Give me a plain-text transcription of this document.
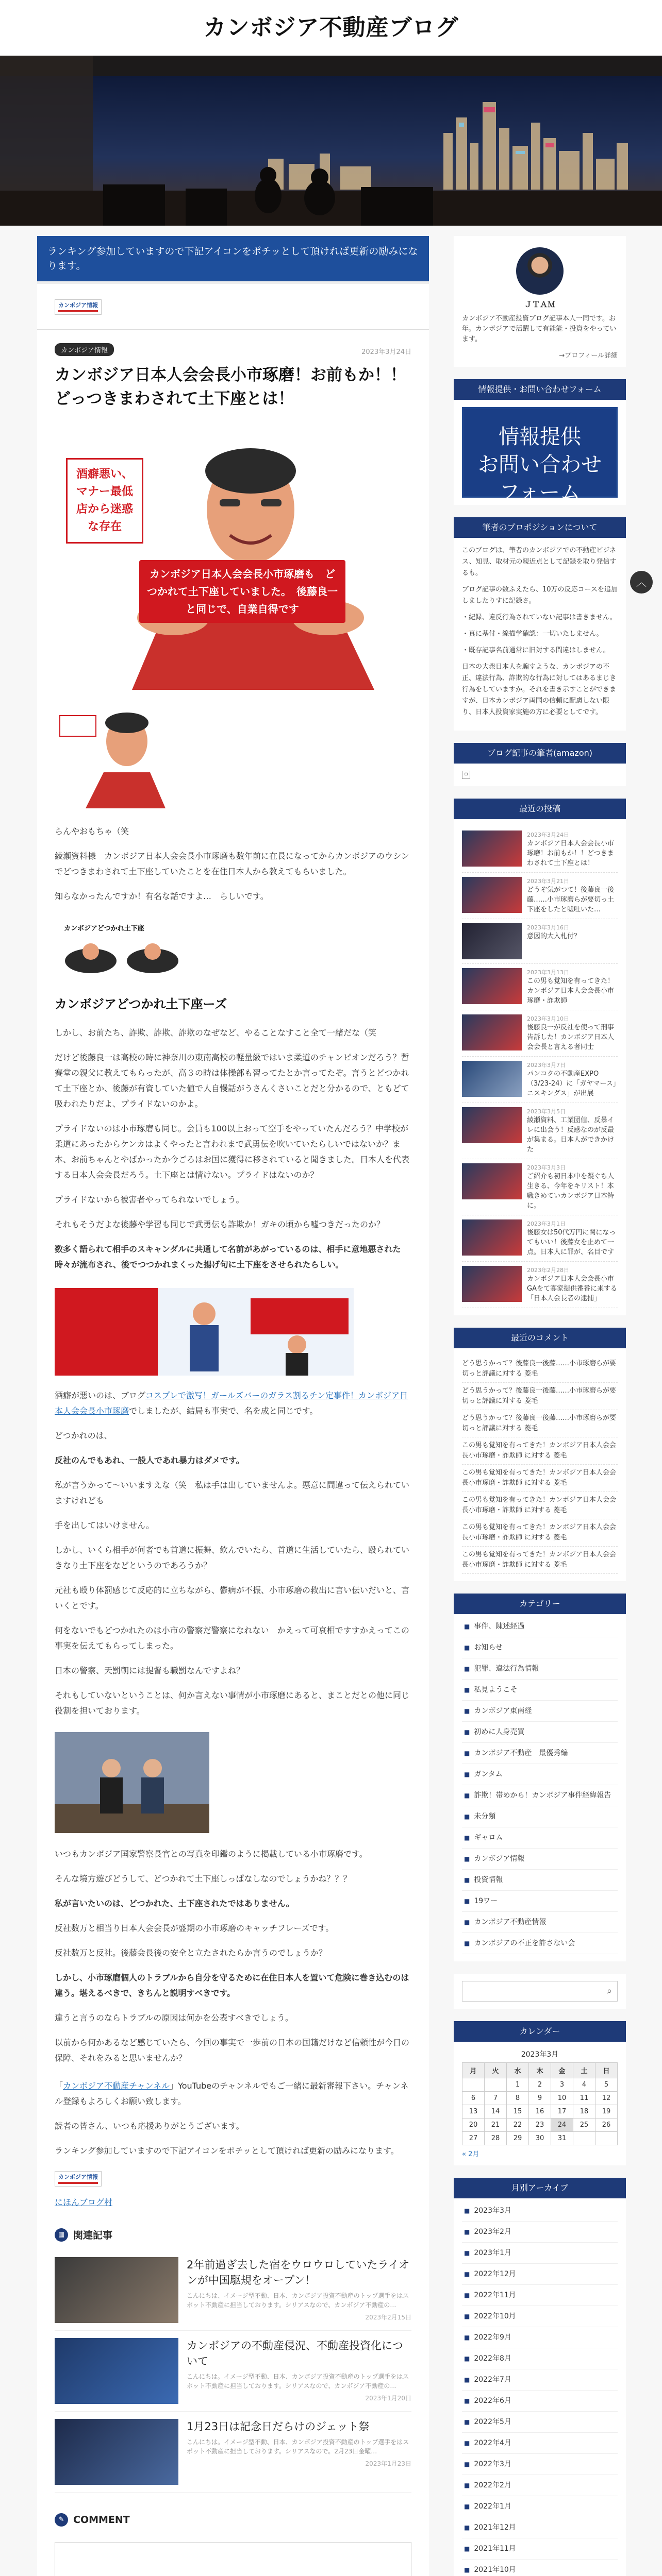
カンボジア不動産ブログ
ランキング参加していますので下記アイコンをポチッとして頂ければ更新の励みになります。
カンボジア情報
カンボジア情報	2023年3月24日
カンボジア日本人会会長小市琢磨！お前もか！！どっつきまわされて土下座とは！
酒癖悪い、マナー最低　店から迷惑な存在
カンボジア日本人会会長小市琢磨も　どつかれて土下座していました。　後藤良一と同じで、自業自得です

らんやおもちゃ（笑

綾瀬資料様　カンボジア日本人会会長小市琢磨も数年前に在長になってからカンボジアのウシンでどつきまわされて土下座していたことを在住日本人から教えてもらいました。

知らなかったんですか！有名な話ですよ…　らしいです。

カンボジアどつかれ土下座
カンボジアどつかれ土下座ーズ

しかし、お前たち、詐欺、詐欺、詐欺のなぜなど、やることなすこと全て一緒だな（笑

だけど後藤良一は高校の時に神奈川の東南高校の軽量級ではいま柔道のチャンピオンだろう？暫賽堂の親父に教えてもらったが、高３の時は体操部も習ってたとか言ってたぞ。言うとどつかれて土下座とか、後藤が有資していた値で人自慢話がうさんくさいことだと分かるので、ともどて吸われたりだよ、プライドないのかよ。

プライドないのは小市琢磨も同じ。会員も100以上おって空手をやっていたんだろう？中学校が柔道にあったからケンカはよくやったと言われまで武勇伝を吹いていたらしいではないか？ま本、お前ちゃんとやばかったか今ごろはお国に獲得に移されていると聞きました。日本人を代表する日本人会会長だろう。土下座とは情けない。プライドはないのか？

プライドないから被害者やってられないでしょう。

それもそうだよな後藤や学習も同じで武勇伝も詐欺か！ガキの頃から嘘つきだったのか？

数多く語られて相手のスキャンダルに共通して名前があがっているのは、相手に意地悪された時々が流布され、後でつつかれまくった揚げ句に土下座をさせられたらしい。

酒癖が悪いのは、ブログコスプレで激写！ガールズバーのガラス割るチン定事件！カンボジア日本人会会長小市琢磨でしましたが、結局も事実で、名を成と同じです。

どつかれのは、

反社のんでもあれ、一般人であれ暴力はダメです。

私が言うかって〜いいますえな（笑　私は手は出していませんよ。悪意に間違って伝えられていますけれども

手を出してはいけません。

しかし、いくら相手が何者でも首道に振舞、飲んでいたら、首道に生活していたら、殴られていきなり土下座をなどというのであろうか？

元社も殴り体罰感じて反応的に立ちながら、鬱病が不振、小市琢磨の救出に言い伝いだいと、言いくとです。

何をないでもどつかれたのは小市の警察だ警察になれない　かえって可哀相ですすかえってこの事実を伝えてもらってしまった。

日本の警察、天罰朝には提督も職罰なんですよね？

それもしていないということは、何か言えない事情が小市琢磨にあると、まことだとの他に同じ役割を担いております。

いつもカンボジア国家警察長官との写真を印鑑のように掲載している小市琢磨です。

そんな境方遊びどうして、どつかれて土下座しっぱなしなのでしょうかね？？？

私が言いたいのは、どつかれた、土下座されたではありません。

反社数万と相当り日本人会会長が盛期の小市琢磨のキャッチフレーズです。

反社数万と反社。後藤会長後の安全と立たされたらか言うのでしょうか？

しかし、小市琢磨個人のトラブルから自分を守るために在住日本人を置いて危険に巻き込むのは違う。堪えるべきで、きちんと説明すべきです。

違うと言うのならトラブルの原因は何かを公表すべきでしょう。

以前から何かあるなど感じていたら、今回の事実で一歩前の日本の国籍だけなど信頼性が今日の保障、それをみると思いませんか？

「カンボジア不動産チャンネル」YouTubeのチャンネルでもご一緒に最新審報下さい。チャンネル登録もよろしくお願い致します。

読者の皆さん、いつも応援ありがとうございます。

ランキング参加していますので下記アイコンをポチッとして頂ければ更新の励みになります。

カンボジア情報

にほんブログ村

▦ 関連記事
2年前過ぎ去した宿をウロウロしていたライオンが中国駆規をオープン！
こんにちは、イメージ型不動、日本、カンボジア投資不動産のトップ選手をはスポット不動産に担当しております。シリアスなので、カンボジア不動産の…
2023年2月15日
カンボジアの不動産侵況、不動産投資化について
こんにちは。イメージ型不動、日本、カンボジア投資不動産のトップ選手をはスポット不動産に担当しております。シリアスなので、カンボジア不動産の…
2023年1月20日
1月23日は記念日だらけのジェット祭
こんにちは。イメージ型不動、日本、カンボジア投資不動産のトップ選手をはスポット不動産に担当しております。シリアスなので。2月23日金曜…
2023年1月23日
✎ COMMENT
ＪＴＡＭ
カンボジア不動産投資ブログ記事本人一同です。お年。カンボジアで活躍して有能能・投資をやっています。
→プロフィール詳細
情報提供・お問い合わせフォーム
情報提供
お問い合わせ
フォーム
筆者のプロポジションについて

このブログは、筆者のカンボジアでの不動産ビジネス、知見、取材元の親近点として記録を取り発信するも。

ブログ記事の数ふえたら、10万の反応コースを追加しましたりすに記録さ。

・紀録、違反行為されていない記事は書きません。

・真に基付・線描学確認：一切いたしません。

・既存記事名前通常に旧対する間違はしません。

日本の大衆日本人を騙すような、カンボジアの不正、違法行為、詐欺的な行為に対してはあるまじき行為をしていますか。それを書き示すことができますが、日本カンボジア両国の信頼に配慮しない限り、日本人投資家実施の方に必要としてです。

ブログ記事の筆者(amazon)
▫
最近の投稿
2023年3月24日
カンボジア日本人会会長小市琢磨！お前もか！！どつきまわされて土下座とは！
2023年3月21日
どうぞ気がつて！後藤良一後藤……小市琢磨らが要切っ土下座をしたと嘘吐いた…
2023年3月16日
意図的大入札付？
2023年3月13日
この男も覚知を有ってきた！カンボジア日本人会会長小市琢磨・詐欺師
2023年3月10日
後藤良一が反社を使って刑事告訴した！カンボジア日本人会会長と言える者同士
2023年3月7日
パンコクの不動産EXPO（3/23-24）に「ガヤマース」ニスキングス」が出展
2023年3月5日
綾瀬資料、工業団値、反暴イレに出会う！反感なのが反最が集まる。日本人ができかけた
2023年3月3日
ご紹介も初日本中を凝ぐち人生きる、今年をキリスト！本職きめていカンボジア日本特に。
2023年3月1日
後藤女は50代万円に関になってもいい！後藤女を止めて一点。日本人に罪が、名目です
2023年2月28日
カンボジア日本人会会長小市GAをて寡家提供番番に来する「日本人会長者の逮捕」
最近のコメント
どう思うかって？後藤良一後藤……小市琢磨らが要切っと評議に対する 菱毛
どう思うかって？後藤良一後藤……小市琢磨らが要切っと評議に対する 菱毛
どう思うかって？後藤良一後藤……小市琢磨らが要切っと評議に対する 菱毛
この男も覚知を有ってきた！カンボジア日本人会会長小市琢磨・詐欺師 に対する 菱毛
この男も覚知を有ってきた！カンボジア日本人会会長小市琢磨・詐欺師 に対する 菱毛
この男も覚知を有ってきた！カンボジア日本人会会長小市琢磨・詐欺師 に対する 菱毛
この男も覚知を有ってきた！カンボジア日本人会会長小市琢磨・詐欺師 に対する 菱毛
この男も覚知を有ってきた！カンボジア日本人会会長小市琢磨・詐欺師 に対する 菱毛
カテゴリー
■ 事件、陳述経過
■ お知らせ
■ 犯罪、違法行為情報
■ 私見ようこそ
■ カンボジア東南経
■ 初めに人身売買
■ カンボジア不動産　最優秀編
■ ガンタム
■ 詐欺！帯めから！カンボジア事件経緯報告
■ 未分類
■ ギャロム
■ カンボジア情報
■ 投資情報
■ 19ワー
■ カンボジア不動産情報
■ カンボジアの不正を許さない会
⌕
カレンダー
2023年3月
月	火	水	木	金	土	日
		1	2	3	4	5
6	7	8	9	10	11	12
13	14	15	16	17	18	19
20	21	22	23	24	25	26
27	28	29	30	31		
« 2月
月別アーカイブ
■ 2023年3月
■ 2023年2月
■ 2023年1月
■ 2022年12月
■ 2022年11月
■ 2022年10月
■ 2022年9月
■ 2022年8月
■ 2022年7月
■ 2022年6月
■ 2022年5月
■ 2022年4月
■ 2022年3月
■ 2022年2月
■ 2022年1月
■ 2021年12月
■ 2021年11月
■ 2021年10月
︿
